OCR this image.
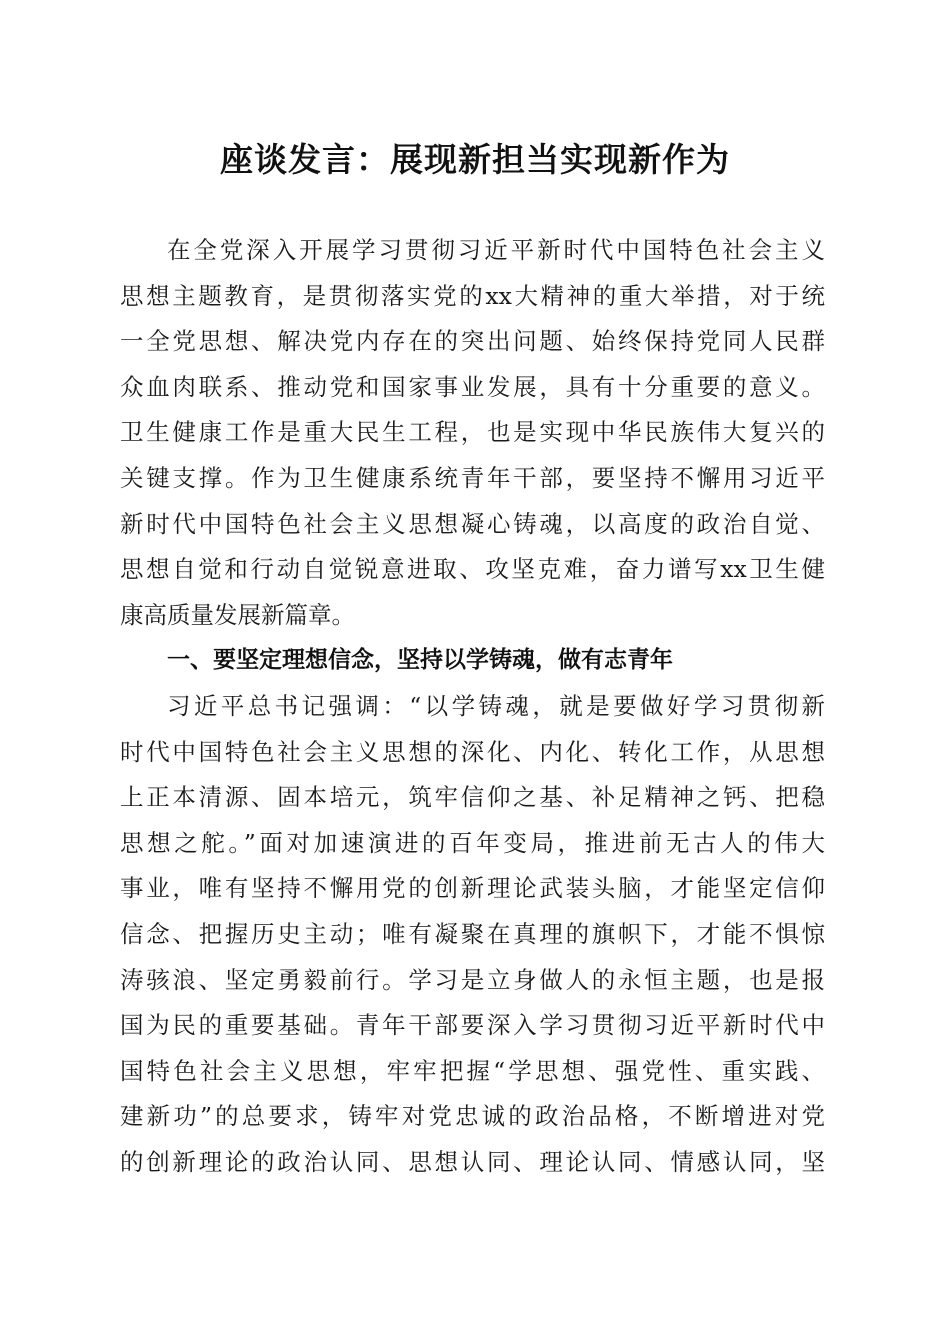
座谈发言：展现新担当实现新作为
在全党深入开展学习贯彻习近平新时代中国特色社会主义
思想主题教育，是贯彻落实党的xx大精神的重大举措，对于统
一全党思想、解决党内存在的突出问题、始终保持党同人民群
众血肉联系、推动党和国家事业发展，具有十分重要的意义。
卫生健康工作是重大民生工程，也是实现中华民族伟大复兴的
关键支撑。作为卫生健康系统青年干部，要坚持不懈用习近平
新时代中国特色社会主义思想凝心铸魂，以高度的政治自觉、
思想自觉和行动自觉锐意进取、攻坚克难，奋力谱写xx卫生健
康高质量发展新篇章。
一、要坚定理想信念，坚持以学铸魂，做有志青年
习近平总书记强调：“以学铸魂，就是要做好学习贯彻新
时代中国特色社会主义思想的深化、内化、转化工作，从思想
上正本清源、固本培元，筑牢信仰之基、补足精神之钙、把稳
思想之舵。”面对加速演进的百年变局，推进前无古人的伟大
事业，唯有坚持不懈用党的创新理论武装头脑，才能坚定信仰
信念、把握历史主动；唯有凝聚在真理的旗帜下，才能不惧惊
涛骇浪、坚定勇毅前行。学习是立身做人的永恒主题，也是报
国为民的重要基础。青年干部要深入学习贯彻习近平新时代中
国特色社会主义思想，牢牢把握“学思想、强党性、重实践、
建新功”的总要求，铸牢对党忠诚的政治品格，不断增进对党
的创新理论的政治认同、思想认同、理论认同、情感认同，坚
